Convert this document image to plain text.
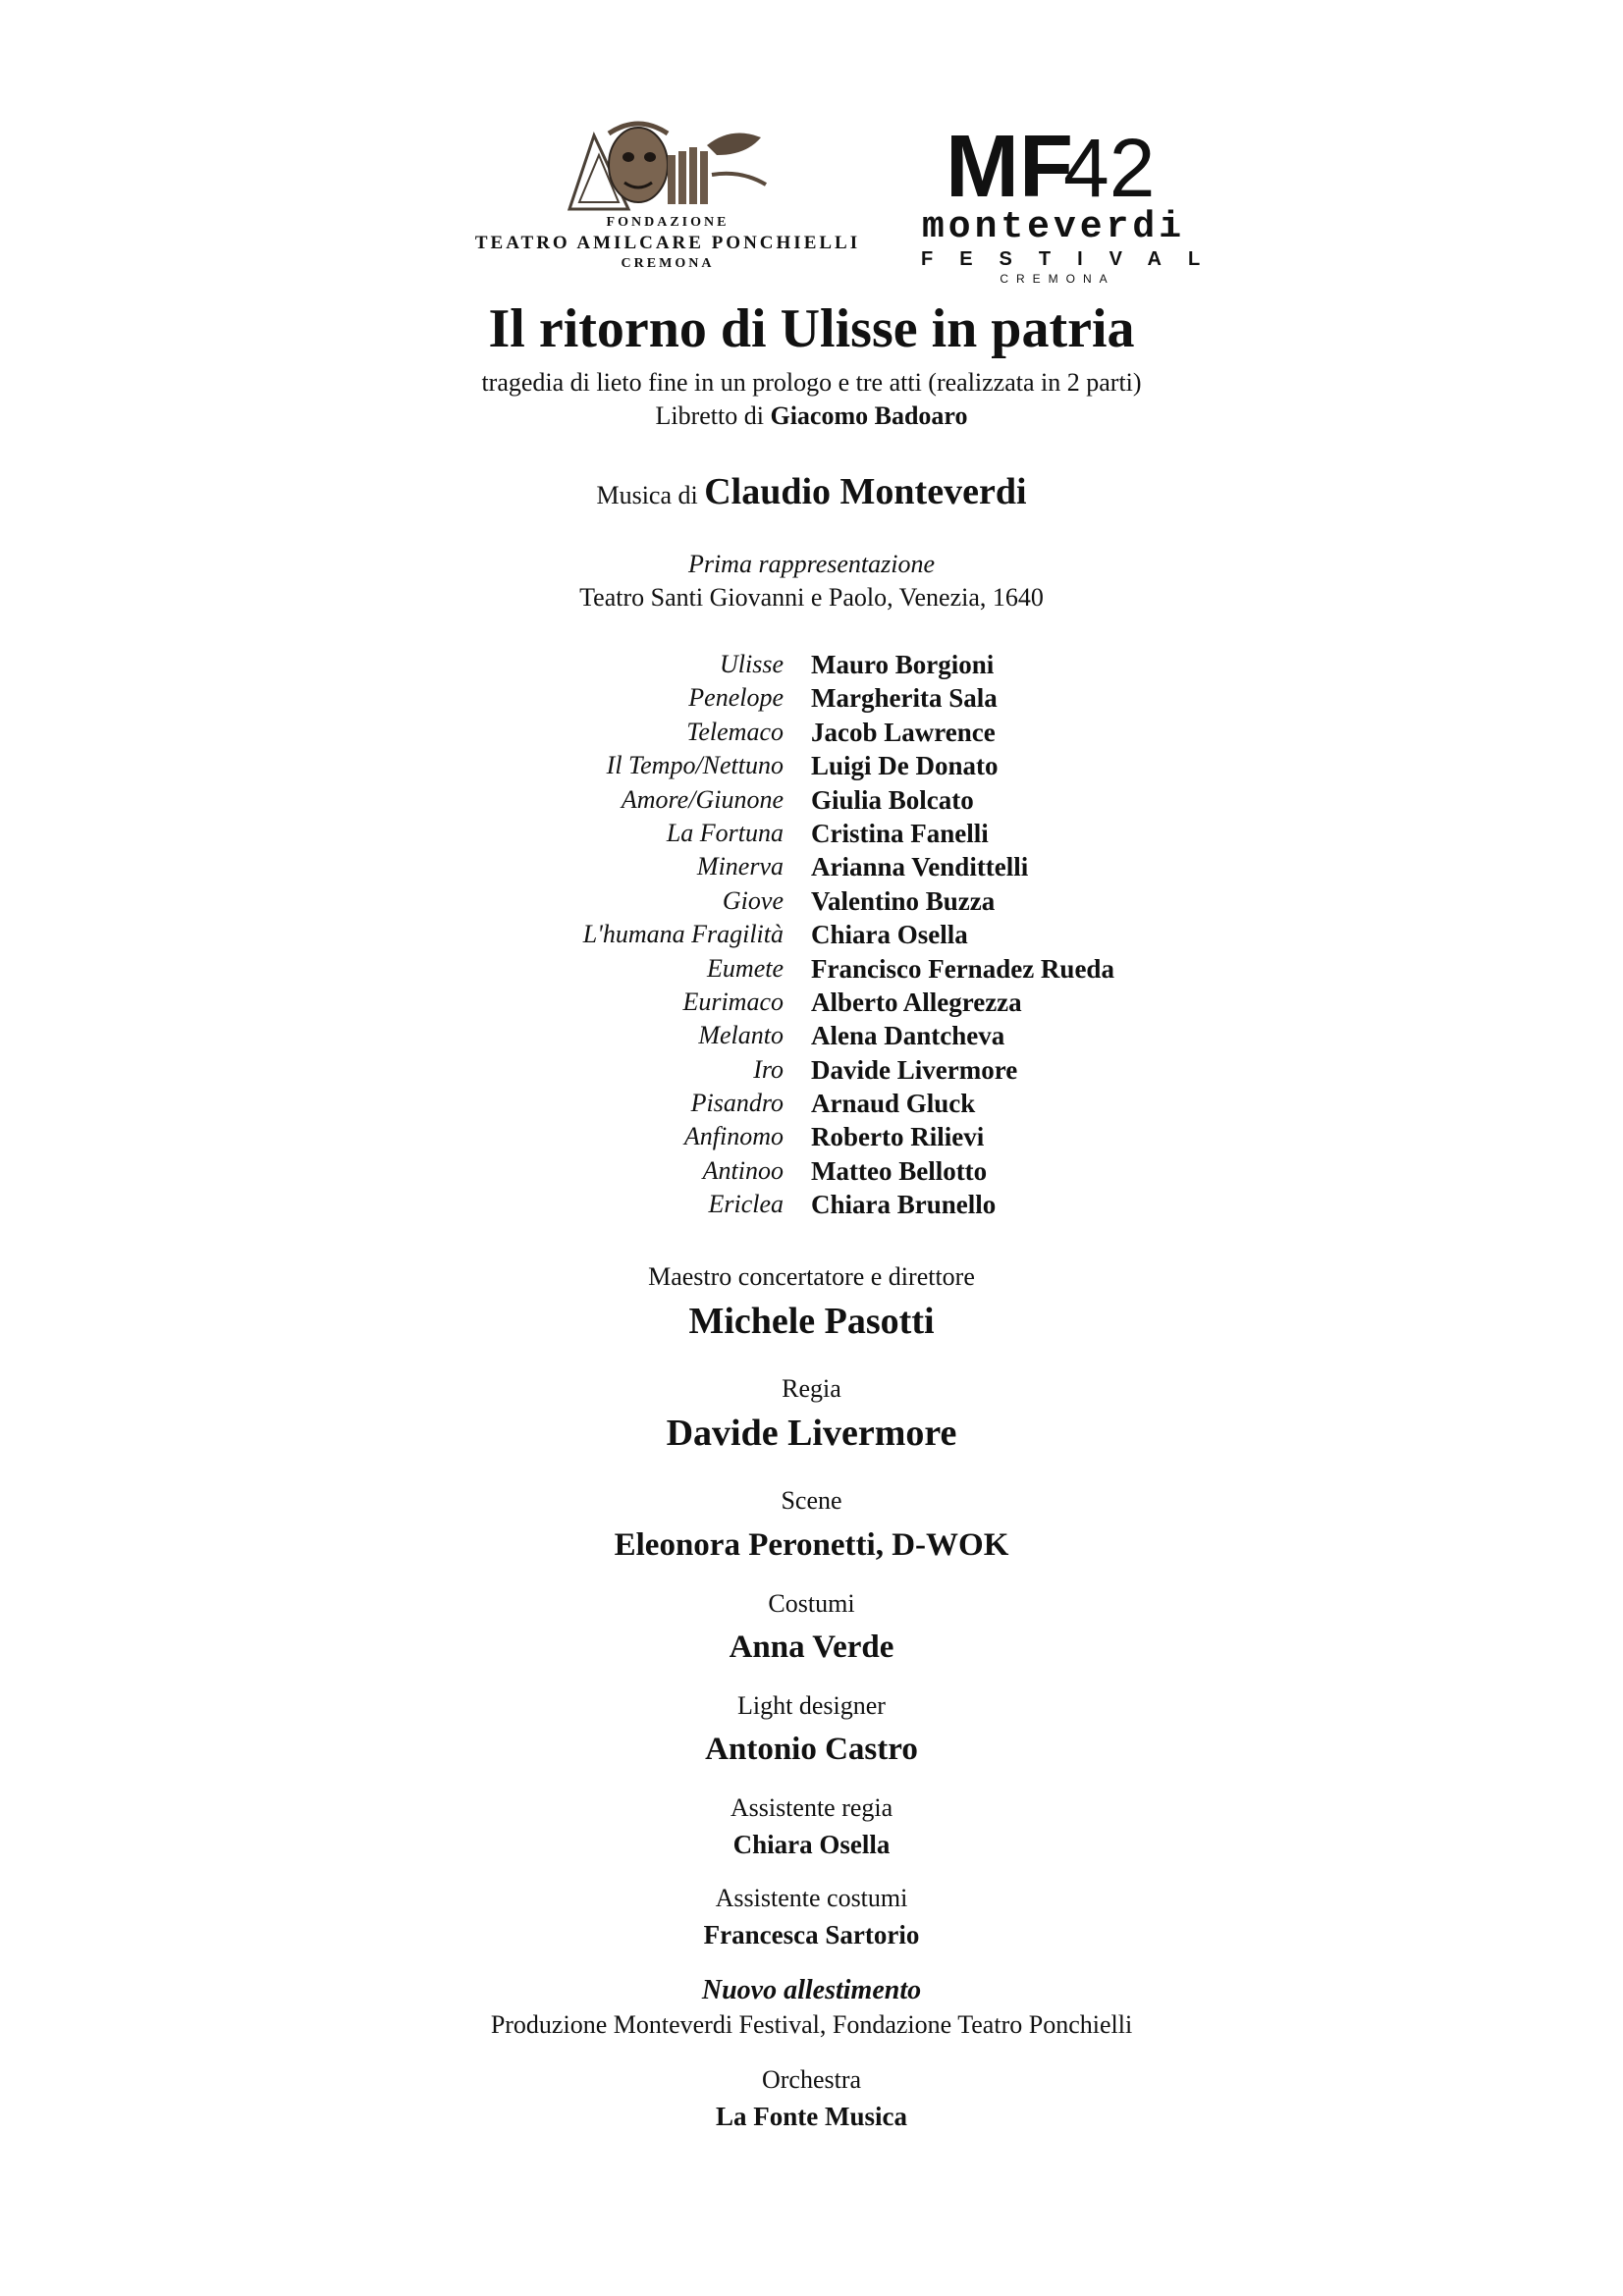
FONDAZIONE
TEATRO AMILCARE PONCHIELLI
CREMONA
MF
42
monteverdi
FESTIVAL
CREMONA
Il ritorno di Ulisse in patria
tragedia di lieto fine in un prologo e tre atti (realizzata in 2 parti)
Libretto di Giacomo Badoaro
Musica di Claudio Monteverdi
Prima rappresentazione
Teatro Santi Giovanni e Paolo, Venezia, 1640
Ulisse Mauro Borgioni
Penelope Margherita Sala
Telemaco Jacob Lawrence
Il Tempo/Nettuno Luigi De Donato
Amore/Giunone Giulia Bolcato
La Fortuna Cristina Fanelli
Minerva Arianna Vendittelli
Giove Valentino Buzza
L'humana Fragilità Chiara Osella
Eumete Francisco Fernadez Rueda
Eurimaco Alberto Allegrezza
Melanto Alena Dantcheva
Iro Davide Livermore
Pisandro Arnaud Gluck
Anfinomo Roberto Rilievi
Antinoo Matteo Bellotto
Ericlea Chiara Brunello
Maestro concertatore e direttore
Michele Pasotti
Regia
Davide Livermore
Scene
Eleonora Peronetti, D-WOK
Costumi
Anna Verde
Light designer
Antonio Castro
Assistente regia
Chiara Osella
Assistente costumi
Francesca Sartorio
Nuovo allestimento
Produzione Monteverdi Festival, Fondazione Teatro Ponchielli
Orchestra
La Fonte Musica
